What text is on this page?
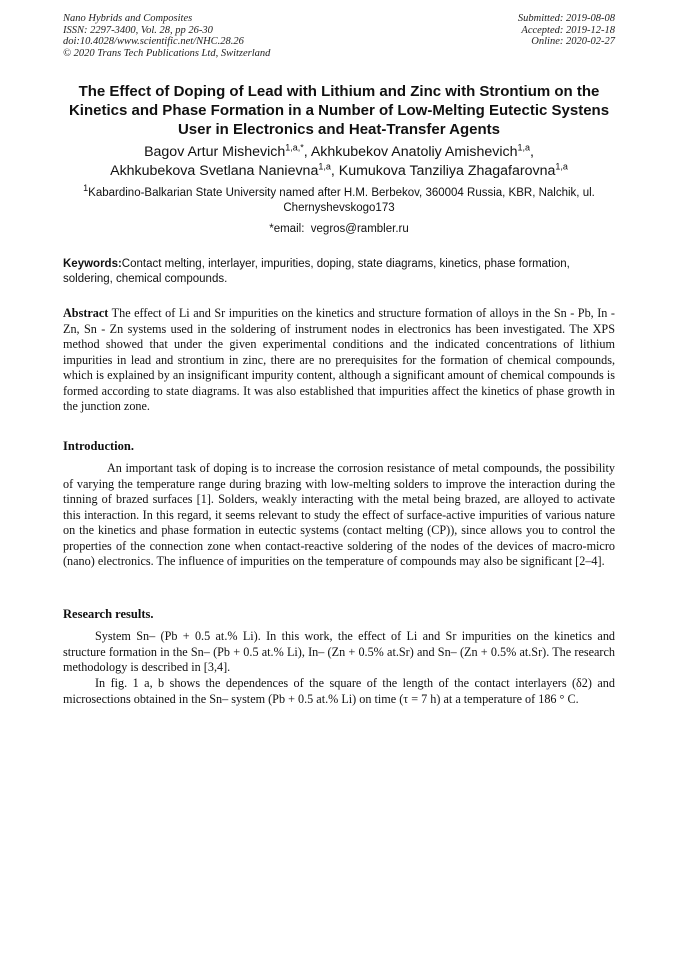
Nano Hybrids and Composites
ISSN: 2297-3400, Vol. 28, pp 26-30
doi:10.4028/www.scientific.net/NHC.28.26
© 2020 Trans Tech Publications Ltd, Switzerland
Submitted: 2019-08-08
Accepted: 2019-12-18
Online: 2020-02-27
The Effect of Doping of Lead with Lithium and Zinc with Strontium on the Kinetics and Phase Formation in a Number of Low-Melting Eutectic Systens User in Electronics and Heat-Transfer Agents
Bagov Artur Mishevich$^{1,a,*}$, Akhkubekov Anatoliy Amishevich$^{1,a}$,
Akhkubekova Svetlana Nanievna$^{1,a}$, Kumukova Tanziliya Zhagafarovna$^{1,a}$
$^1$Kabardino-Balkarian State University named after H.M. Berbekov, 360004 Russia, KBR, Nalchik, ul. Chernyshevskogo173
*email: vegros@rambler.ru
Keywords:Contact melting, interlayer, impurities, doping, state diagrams, kinetics, phase formation, soldering, chemical compounds.

Abstract The effect of Li and Sr impurities on the kinetics and structure formation of alloys in the Sn - Pb, In - Zn, Sn - Zn systems used in the soldering of instrument nodes in electronics has been investigated. The XPS method showed that under the given experimental conditions and the indicated concentrations of lithium impurities in lead and strontium in zinc, there are no prerequisites for the formation of chemical compounds, which is explained by an insignificant impurity content, although a significant amount of chemical compounds is formed according to state diagrams. It was also established that impurities affect the kinetics of phase growth in the junction zone.

Introduction.

An important task of doping is to increase the corrosion resistance of metal compounds, the possibility of varying the temperature range during brazing with low-melting solders to improve the interaction during the tinning of brazed surfaces [1]. Solders, weakly interacting with the metal being brazed, are alloyed to activate this interaction. In this regard, it seems relevant to study the effect of surface-active impurities of various nature on the kinetics and phase formation in eutectic systems (contact melting (CP)), since allows you to control the properties of the connection zone when contact-reactive soldering of the nodes of the devices of macro-micro (nano) electronics. The influence of impurities on the temperature of compounds may also be significant [2–4].

Research results.

System Sn– (Pb + 0.5 at.% Li). In this work, the effect of Li and Sr impurities on the kinetics and structure formation in the Sn– (Pb + 0.5 at.% Li), In– (Zn + 0.5% at.Sr) and Sn– (Zn + 0.5% at.Sr). The research methodology is described in [3,4].

In fig. 1 a, b shows the dependences of the square of the length of the contact interlayers (δ2) and microsections obtained in the Sn– system (Pb + 0.5 at.% Li) on time (τ = 7 h) at a temperature of 186 ° C.
